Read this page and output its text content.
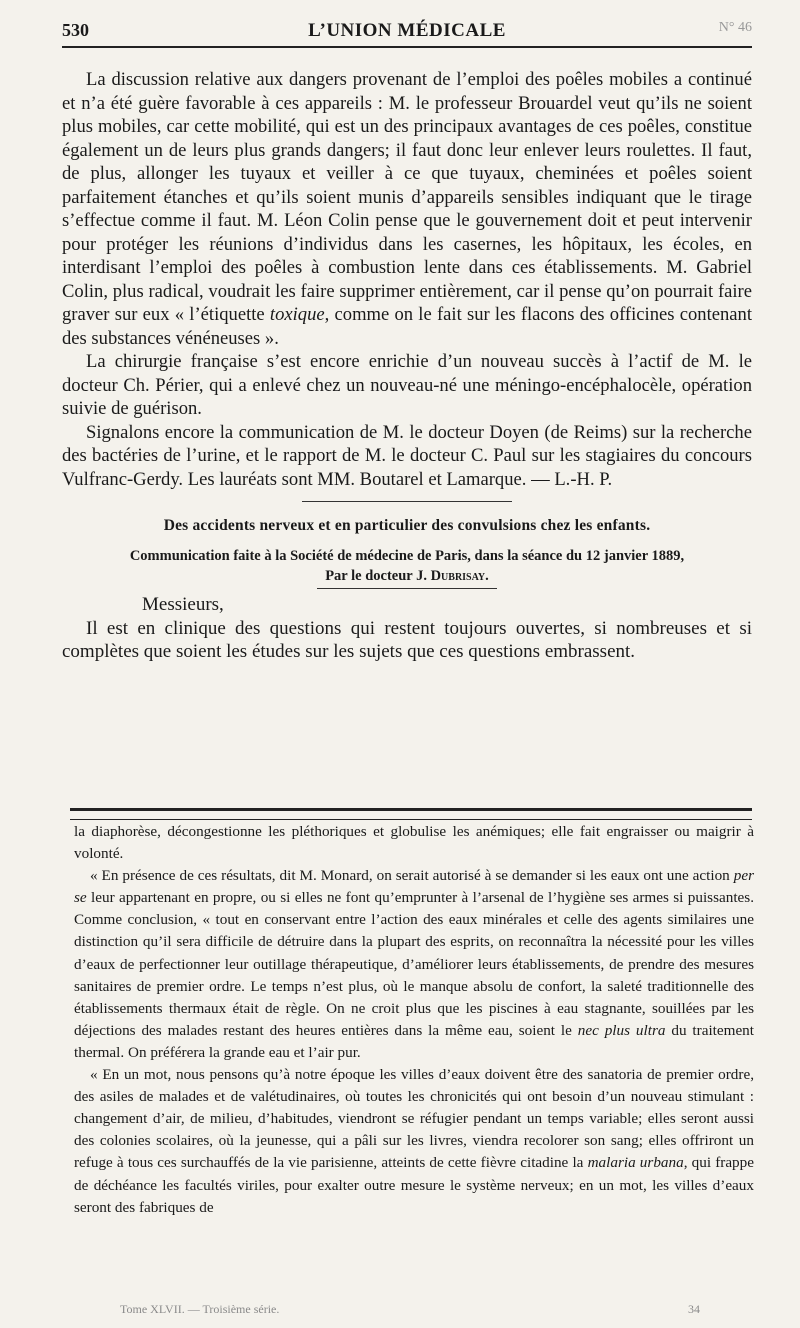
530	L’UNION MÉDICALE	N° 46

La discussion relative aux dangers provenant de l’emploi des poêles mobiles a continué et n’a été guère favorable à ces appareils : M. le professeur Brouardel veut qu’ils ne soient plus mobiles, car cette mobilité, qui est un des principaux avantages de ces poêles, constitue également un de leurs plus grands dangers; il faut donc leur enlever leurs roulettes. Il faut, de plus, allonger les tuyaux et veiller à ce que tuyaux, cheminées et poêles soient parfaitement étanches et qu’ils soient munis d’appareils sensibles indiquant que le tirage s’effectue comme il faut. M. Léon Colin pense que le gouvernement doit et peut intervenir pour protéger les réunions d’individus dans les casernes, les hôpitaux, les écoles, en interdisant l’emploi des poêles à combustion lente dans ces établissements. M. Gabriel Colin, plus radical, voudrait les faire supprimer entièrement, car il pense qu’on pourrait faire graver sur eux « l’étiquette toxique, comme on le fait sur les flacons des officines contenant des substances vénéneuses ».

La chirurgie française s’est encore enrichie d’un nouveau succès à l’actif de M. le docteur Ch. Périer, qui a enlevé chez un nouveau-né une méningo-encéphalocèle, opération suivie de guérison.

Signalons encore la communication de M. le docteur Doyen (de Reims) sur la recherche des bactéries de l’urine, et le rapport de M. le docteur C. Paul sur les stagiaires du concours Vulfranc-Gerdy. Les lauréats sont MM. Boutarel et Lamarque. — L.-H. P.

Des accidents nerveux et en particulier des convulsions chez les enfants.
Communication faite à la Société de médecine de Paris, dans la séance du 12 janvier 1889,
Par le docteur J. Dubrisay.
Messieurs,

Il est en clinique des questions qui restent toujours ouvertes, si nombreuses et si complètes que soient les études sur les sujets que ces questions embrassent.

la diaphorèse, décongestionne les pléthoriques et globulise les anémiques; elle fait engraisser ou maigrir à volonté.

« En présence de ces résultats, dit M. Monard, on serait autorisé à se demander si les eaux ont une action per se leur appartenant en propre, ou si elles ne font qu’emprunter à l’arsenal de l’hygiène ses armes si puissantes. Comme conclusion, « tout en conservant entre l’action des eaux minérales et celle des agents similaires une distinction qu’il sera difficile de détruire dans la plupart des esprits, on reconnaîtra la nécessité pour les villes d’eaux de perfectionner leur outillage thérapeutique, d’améliorer leurs établissements, de prendre des mesures sanitaires de premier ordre. Le temps n’est plus, où le manque absolu de confort, la saleté traditionnelle des établissements thermaux était de règle. On ne croit plus que les piscines à eau stagnante, souillées par les déjections des malades restant des heures entières dans la même eau, soient le nec plus ultra du traitement thermal. On préférera la grande eau et l’air pur.

« En un mot, nous pensons qu’à notre époque les villes d’eaux doivent être des sanatoria de premier ordre, des asiles de malades et de valétudinaires, où toutes les chronicités qui ont besoin d’un nouveau stimulant : changement d’air, de milieu, d’habitudes, viendront se réfugier pendant un temps variable; elles seront aussi des colonies scolaires, où la jeunesse, qui a pâli sur les livres, viendra recolorer son sang; elles offriront un refuge à tous ces surchauffés de la vie parisienne, atteints de cette fièvre citadine la malaria urbana, qui frappe de déchéance les facultés viriles, pour exalter outre mesure le système nerveux; en un mot, les villes d’eaux seront des fabriques de

Tome XLVII. — Troisième série.	34
